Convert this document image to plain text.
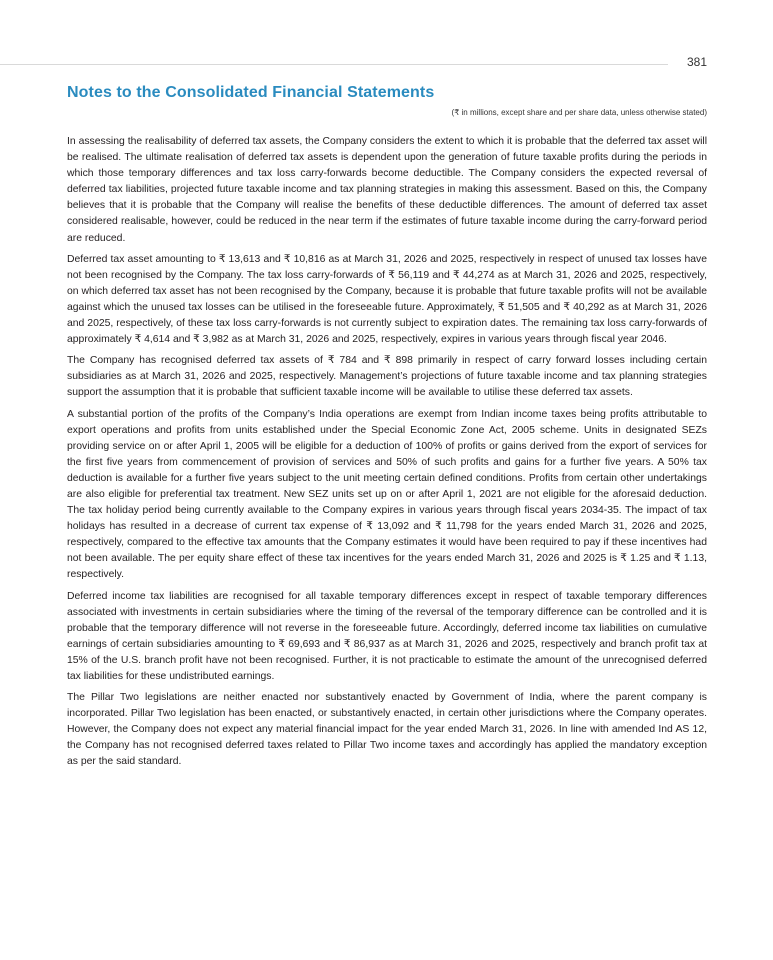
381
Notes to the Consolidated Financial Statements
(₹ in millions, except share and per share data, unless otherwise stated)

In assessing the realisability of deferred tax assets, the Company considers the extent to which it is probable that the deferred tax asset will be realised. The ultimate realisation of deferred tax assets is dependent upon the generation of future taxable profits during the periods in which those temporary differences and tax loss carry-forwards become deductible. The Company considers the expected reversal of deferred tax liabilities, projected future taxable income and tax planning strategies in making this assessment. Based on this, the Company believes that it is probable that the Company will realise the benefits of these deductible differences. The amount of deferred tax asset considered realisable, however, could be reduced in the near term if the estimates of future taxable income during the carry-forward period are reduced.

Deferred tax asset amounting to ₹ 13,613 and ₹ 10,816 as at March 31, 2026 and 2025, respectively in respect of unused tax losses have not been recognised by the Company. The tax loss carry-forwards of ₹ 56,119 and ₹ 44,274 as at March 31, 2026 and 2025, respectively, on which deferred tax asset has not been recognised by the Company, because it is probable that future taxable profits will not be available against which the unused tax losses can be utilised in the foreseeable future. Approximately, ₹ 51,505 and ₹ 40,292 as at March 31, 2026 and 2025, respectively, of these tax loss carry-forwards is not currently subject to expiration dates. The remaining tax loss carry-forwards of approximately ₹ 4,614 and ₹ 3,982 as at March 31, 2026 and 2025, respectively, expires in various years through fiscal year 2046.

The Company has recognised deferred tax assets of ₹ 784 and ₹ 898 primarily in respect of carry forward losses including certain subsidiaries as at March 31, 2026 and 2025, respectively. Management’s projections of future taxable income and tax planning strategies support the assumption that it is probable that sufficient taxable income will be available to utilise these deferred tax assets.

A substantial portion of the profits of the Company’s India operations are exempt from Indian income taxes being profits attributable to export operations and profits from units established under the Special Economic Zone Act, 2005 scheme. Units in designated SEZs providing service on or after April 1, 2005 will be eligible for a deduction of 100% of profits or gains derived from the export of services for the first five years from commencement of provision of services and 50% of such profits and gains for a further five years. A 50% tax deduction is available for a further five years subject to the unit meeting certain defined conditions. Profits from certain other undertakings are also eligible for preferential tax treatment. New SEZ units set up on or after April 1, 2021 are not eligible for the aforesaid deduction. The tax holiday period being currently available to the Company expires in various years through fiscal years 2034-35. The impact of tax holidays has resulted in a decrease of current tax expense of ₹ 13,092 and ₹ 11,798 for the years ended March 31, 2026 and 2025, respectively, compared to the effective tax amounts that the Company estimates it would have been required to pay if these incentives had not been available. The per equity share effect of these tax incentives for the years ended March 31, 2026 and 2025 is ₹ 1.25 and ₹ 1.13, respectively.

Deferred income tax liabilities are recognised for all taxable temporary differences except in respect of taxable temporary differences associated with investments in certain subsidiaries where the timing of the reversal of the temporary difference can be controlled and it is probable that the temporary difference will not reverse in the foreseeable future. Accordingly, deferred income tax liabilities on cumulative earnings of certain subsidiaries amounting to ₹ 69,693 and ₹ 86,937 as at March 31, 2026 and 2025, respectively and branch profit tax at 15% of the U.S. branch profit have not been recognised. Further, it is not practicable to estimate the amount of the unrecognised deferred tax liabilities for these undistributed earnings.

The Pillar Two legislations are neither enacted nor substantively enacted by Government of India, where the parent company is incorporated. Pillar Two legislation has been enacted, or substantively enacted, in certain other jurisdictions where the Company operates. However, the Company does not expect any material financial impact for the year ended March 31, 2026. In line with amended Ind AS 12, the Company has not recognised deferred taxes related to Pillar Two income taxes and accordingly has applied the mandatory exception as per the said standard.
